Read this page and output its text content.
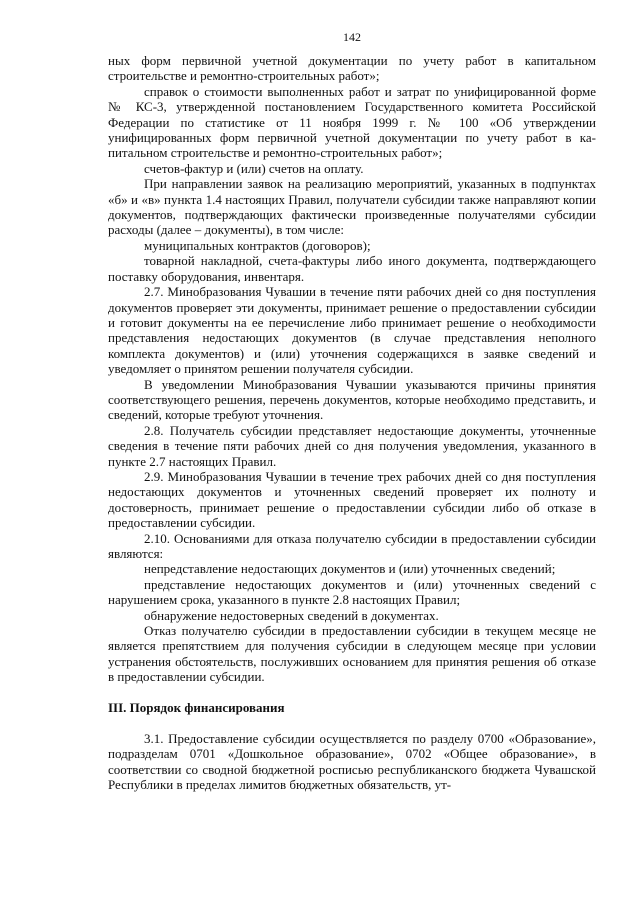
142

ных форм первичной учетной документации по учету работ в капитальном строительстве и ремонтно-строительных работ»;

справок о стоимости выполненных работ и затрат по унифицированной форме № КС-3, утвержденной постановлением Государственного комитета Российской Федерации по статистике от 11 ноября 1999 г. № 100 «Об утверждении унифицированных форм первичной учетной документации по учету работ в капитальном строительстве и ремонтно-строительных работ»;

счетов-фактур и (или) счетов на оплату.

При направлении заявок на реализацию мероприятий, указанных в подпунктах «б» и «в» пункта 1.4 настоящих Правил, получатели субсидии также направляют копии документов, подтверждающих фактически произведенные получателями субсидии расходы (далее – документы), в том числе:

муниципальных контрактов (договоров);

товарной накладной, счета-фактуры либо иного документа, подтверждающего поставку оборудования, инвентаря.

2.7. Минобразования Чувашии в течение пяти рабочих дней со дня поступления документов проверяет эти документы, принимает решение о предоставлении субсидии и готовит документы на ее перечисление либо принимает решение о необходимости представления недостающих документов (в случае представления неполного комплекта документов) и (или) уточнения содержащихся в заявке сведений и уведомляет о принятом решении получателя субсидии.

В уведомлении Минобразования Чувашии указываются причины принятия соответствующего решения, перечень документов, которые необходимо представить, и сведений, которые требуют уточнения.

2.8. Получатель субсидии представляет недостающие документы, уточненные сведения в течение пяти рабочих дней со дня получения уведомления, указанного в пункте 2.7 настоящих Правил.

2.9. Минобразования Чувашии в течение трех рабочих дней со дня поступления недостающих документов и уточненных сведений проверяет их полноту и достоверность, принимает решение о предоставлении субсидии либо об отказе в предоставлении субсидии.

2.10. Основаниями для отказа получателю субсидии в предоставлении субсидии являются:

непредставление недостающих документов и (или) уточненных сведений;

представление недостающих документов и (или) уточненных сведений с нарушением срока, указанного в пункте 2.8 настоящих Правил;

обнаружение недостоверных сведений в документах.

Отказ получателю субсидии в предоставлении субсидии в текущем месяце не является препятствием для получения субсидии в следующем месяце при условии устранения обстоятельств, послуживших основанием для принятия решения об отказе в предоставлении субсидии.

III. Порядок финансирования

3.1. Предоставление субсидии осуществляется по разделу 0700 «Образование», подразделам 0701 «Дошкольное образование», 0702 «Общее образование», в соответствии со сводной бюджетной росписью республиканского бюджета Чувашской Республики в пределах лимитов бюджетных обязательств, ут-
